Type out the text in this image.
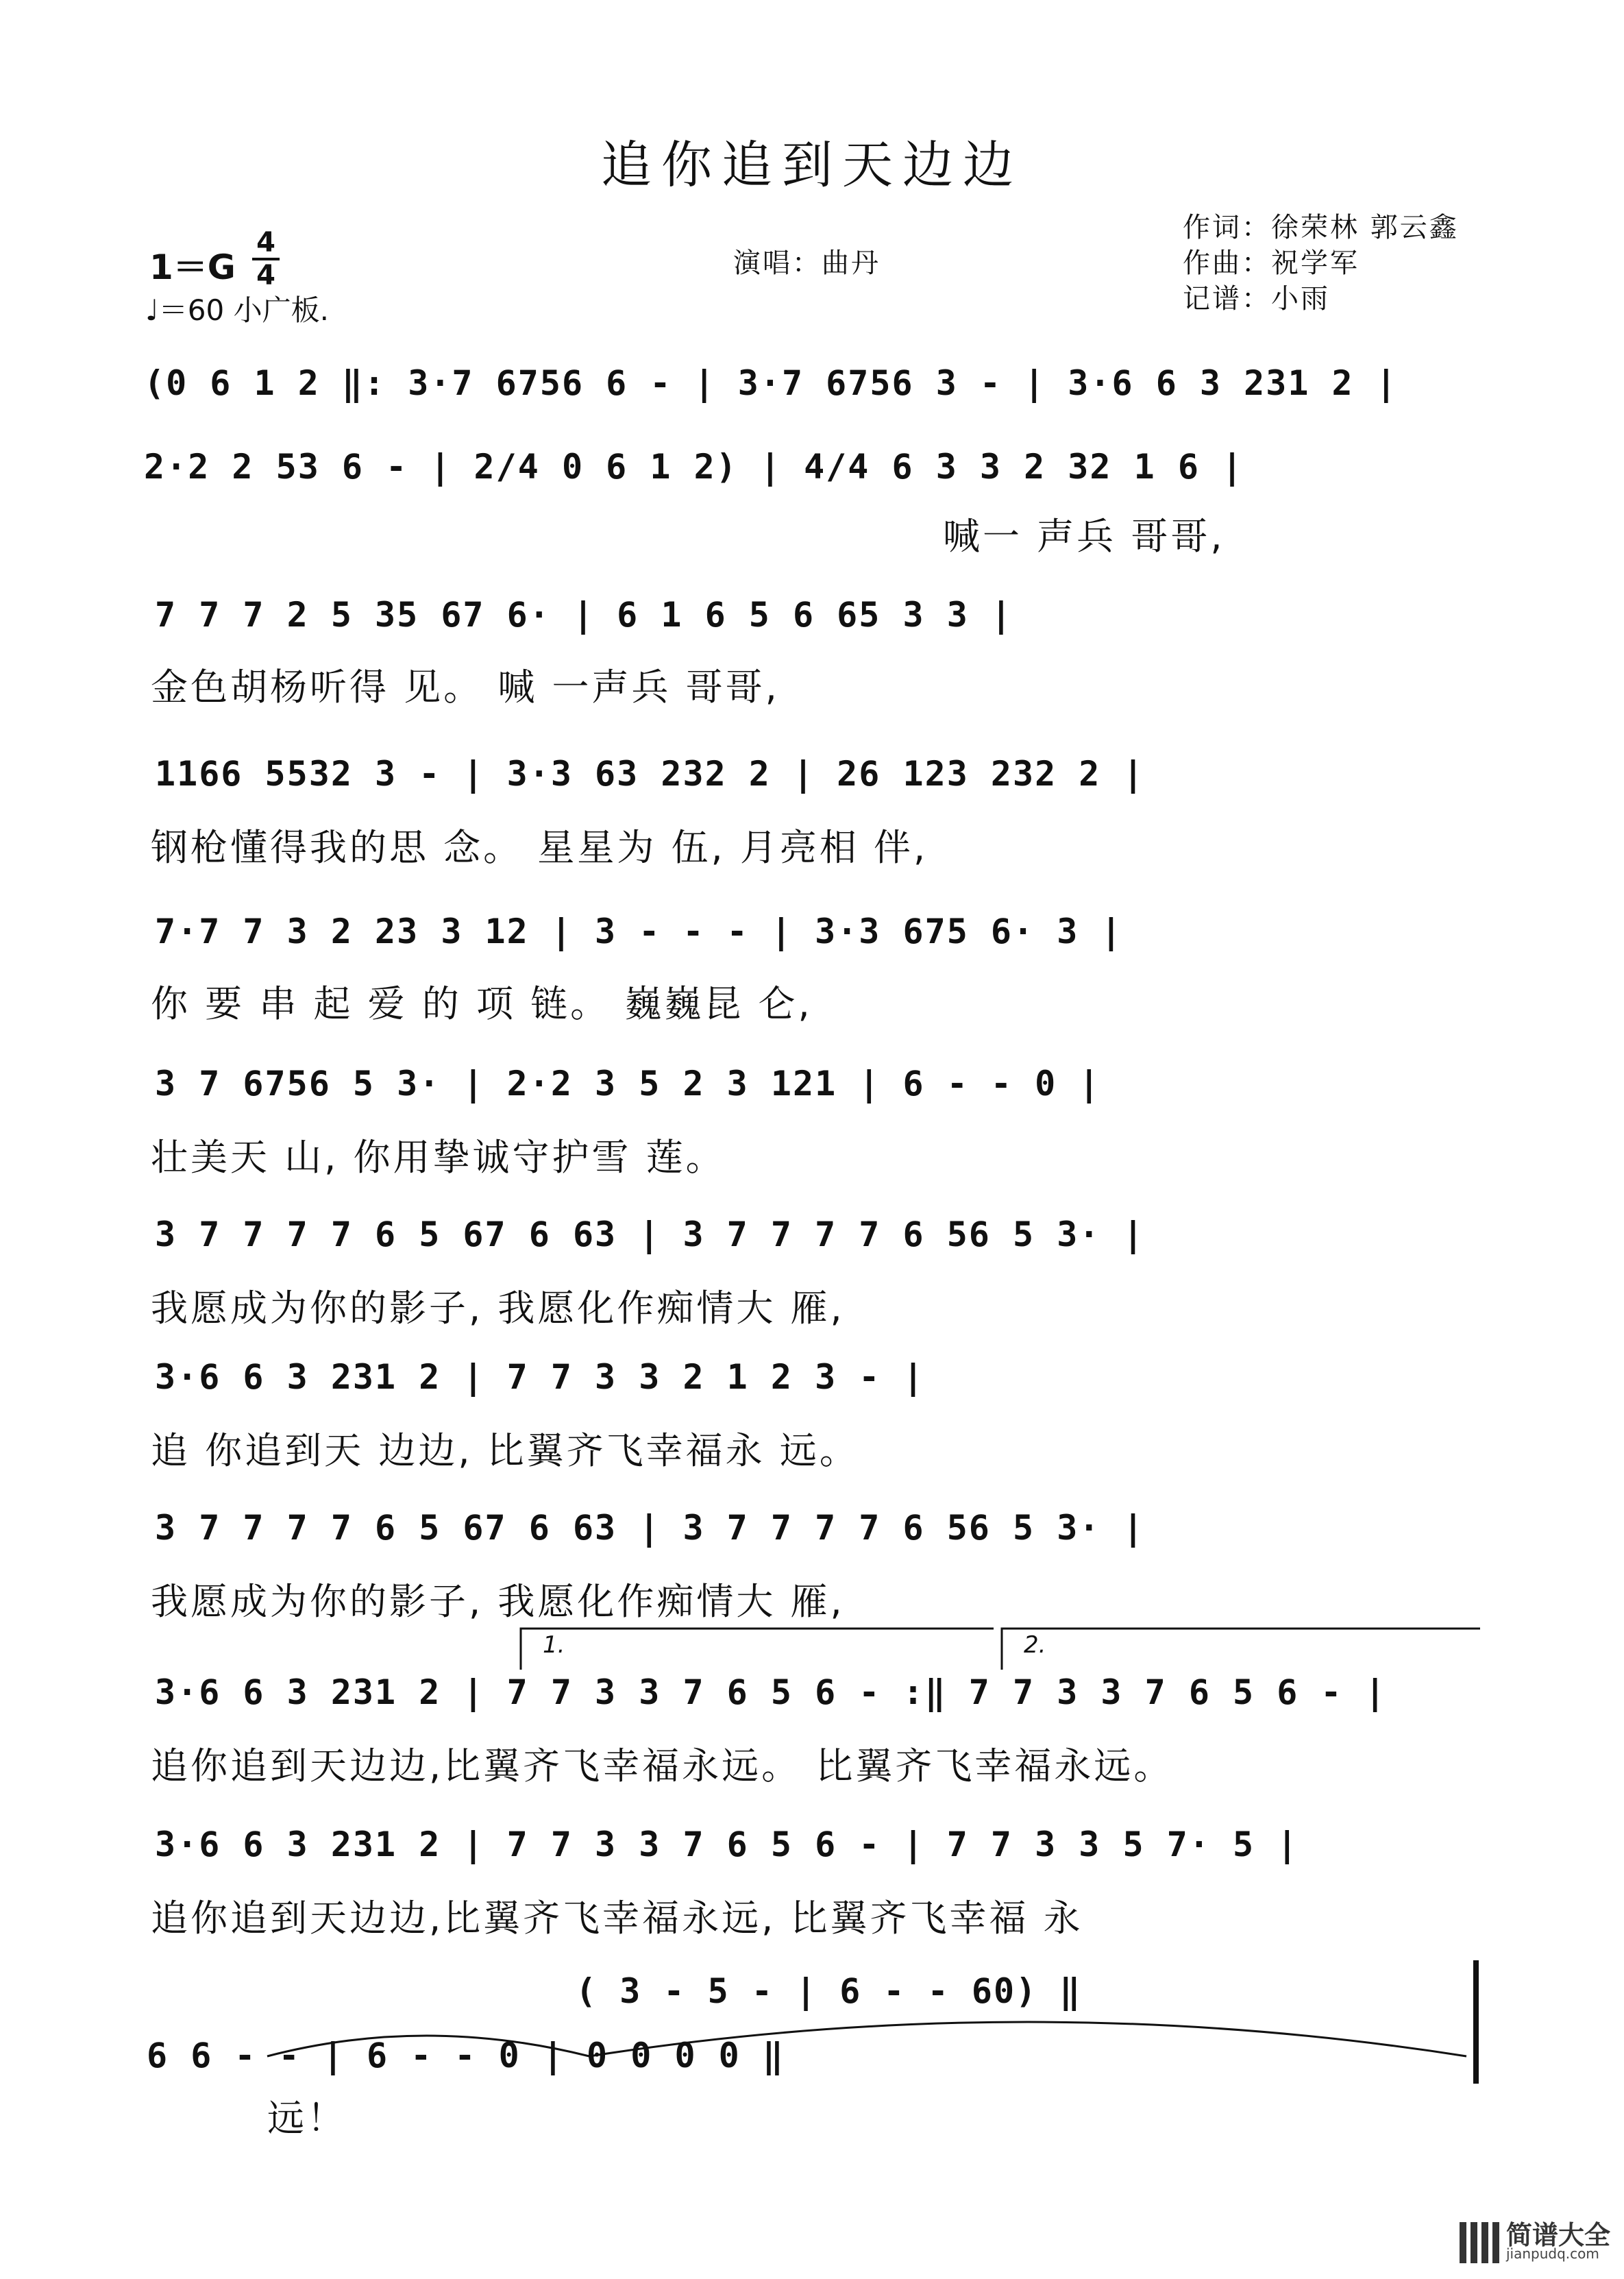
追你追到天边边
作词：徐荣林 郭云鑫
作曲：祝学军
记谱：小雨
演唱：曲丹
1＝G
4
4
♩＝60 小广板.
(0 6 1 2 ‖: 3·7 6756 6 - | 3·7 6756 3 - | 3·6 6 3 231 2 |
2·2 2 53 6 - | 2/4 0 6 1 2) | 4/4 6 3 3 2 32 1 6 |
喊一 声兵 哥哥,
7 7 7 2 5 35 67 6· | 6 1 6 5 6 65 3 3 |
金色胡杨听得 见。 喊 一声兵 哥哥,
1166 5532 3 - | 3·3 63 232 2 | 26 123 232 2 |
钢枪懂得我的思 念。 星星为 伍, 月亮相 伴,
7·7 7 3 2 23 3 12 | 3 - - - | 3·3 675 6· 3 |
你 要 串 起 爱 的 项 链。 巍巍昆 仑,
3 7 6756 5 3· | 2·2 3 5 2 3 121 | 6 - - 0 |
壮美天 山, 你用挚诚守护雪 莲。
3 7 7 7 7 6 5 67 6 63 | 3 7 7 7 7 6 56 5 3· |
我愿成为你的影子, 我愿化作痴情大 雁,
3·6 6 3 231 2 | 7 7 3 3 2 1 2 3 - |
追 你追到天 边边, 比翼齐飞幸福永 远。
3 7 7 7 7 6 5 67 6 63 | 3 7 7 7 7 6 56 5 3· |
我愿成为你的影子, 我愿化作痴情大 雁,
1.	2.
3·6 6 3 231 2 | 7 7 3 3 7 6 5 6 - :‖ 7 7 3 3 7 6 5 6 - |
追你追到天边边,比翼齐飞幸福永远。 比翼齐飞幸福永远。
3·6 6 3 231 2 | 7 7 3 3 7 6 5 6 - | 7 7 3 3 5 7· 5 |
追你追到天边边,比翼齐飞幸福永远, 比翼齐飞幸福 永
( 3 - 5 - | 6 - - 60) ‖
6 6 - - | 6 - - 0 | 0 0 0 0 ‖
远！
简谱大全
jianpudq.com
